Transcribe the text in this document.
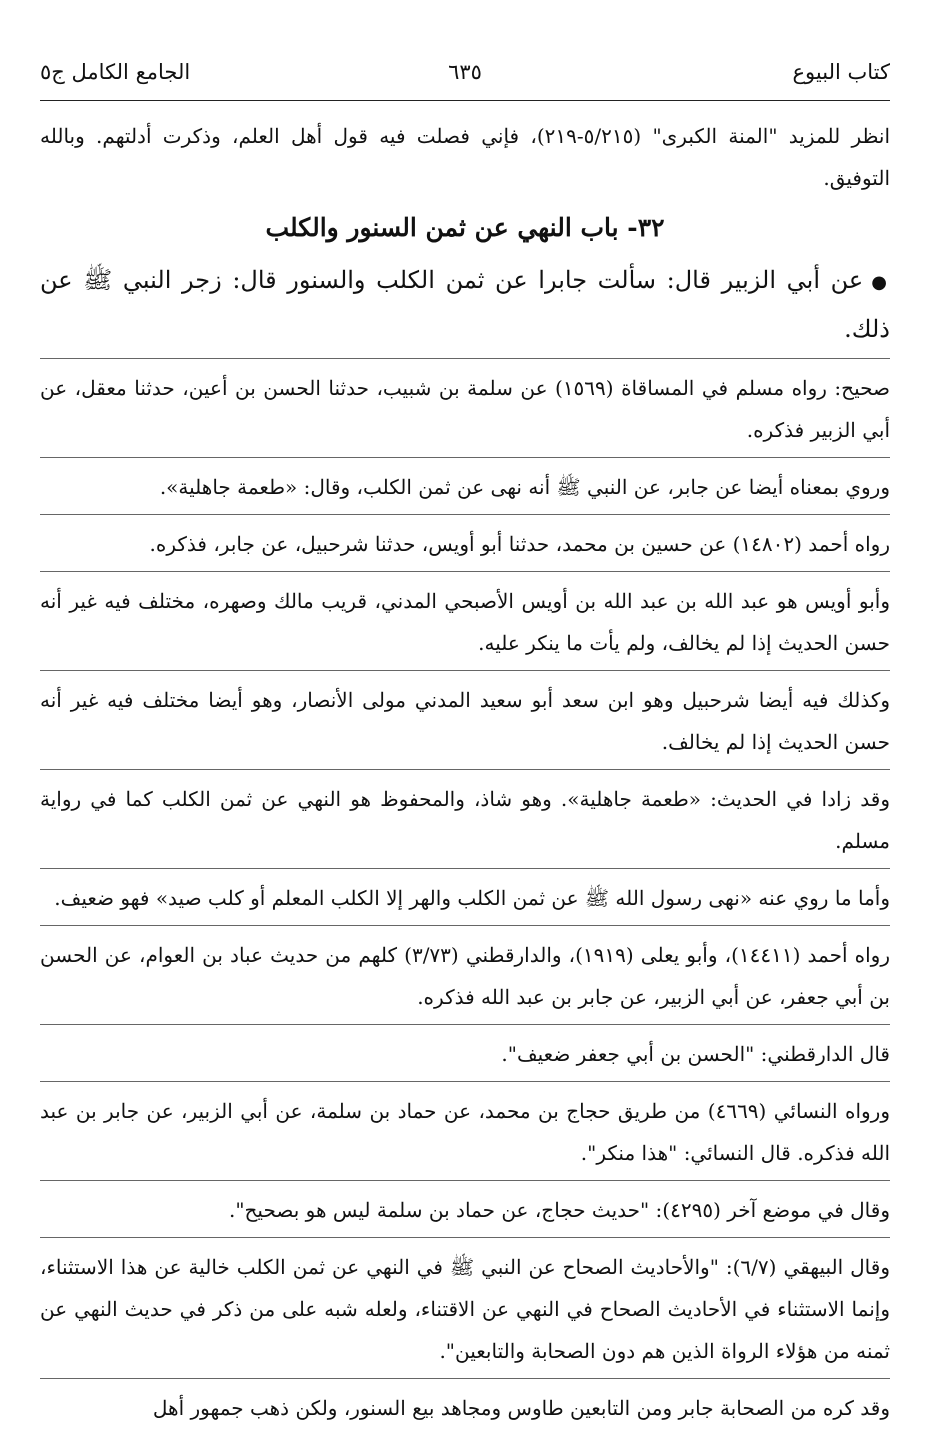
كتاب البيوع
٦٣٥
الجامع الكامل ج٥

انظر للمزيد "المنة الكبرى" (٥/٢١٥-٢١٩)، فإني فصلت فيه قول أهل العلم، وذكرت أدلتهم. وبالله التوفيق.

٣٢- باب النهي عن ثمن السنور والكلب

●عن أبي الزبير قال: سألت جابرا عن ثمن الكلب والسنور قال: زجر النبي ﷺ عن ذلك.

صحيح: رواه مسلم في المساقاة (١٥٦٩) عن سلمة بن شبيب، حدثنا الحسن بن أعين، حدثنا معقل، عن أبي الزبير فذكره.

وروي بمعناه أيضا عن جابر، عن النبي ﷺ أنه نهى عن ثمن الكلب، وقال: «طعمة جاهلية».

رواه أحمد (١٤٨٠٢) عن حسين بن محمد، حدثنا أبو أويس، حدثنا شرحبيل، عن جابر، فذكره.

وأبو أويس هو عبد الله بن عبد الله بن أويس الأصبحي المدني، قريب مالك وصهره، مختلف فيه غير أنه حسن الحديث إذا لم يخالف، ولم يأت ما ينكر عليه.

وكذلك فيه أيضا شرحبيل وهو ابن سعد أبو سعيد المدني مولى الأنصار، وهو أيضا مختلف فيه غير أنه حسن الحديث إذا لم يخالف.

وقد زادا في الحديث: «طعمة جاهلية». وهو شاذ، والمحفوظ هو النهي عن ثمن الكلب كما في رواية مسلم.

وأما ما روي عنه «نهى رسول الله ﷺ عن ثمن الكلب والهر إلا الكلب المعلم أو كلب صيد» فهو ضعيف.

رواه أحمد (١٤٤١١)، وأبو يعلى (١٩١٩)، والدارقطني (٣/٧٣) كلهم من حديث عباد بن العوام، عن الحسن بن أبي جعفر، عن أبي الزبير، عن جابر بن عبد الله فذكره.

قال الدارقطني: "الحسن بن أبي جعفر ضعيف".

ورواه النسائي (٤٦٦٩) من طريق حجاج بن محمد، عن حماد بن سلمة، عن أبي الزبير، عن جابر بن عبد الله فذكره. قال النسائي: "هذا منكر".

وقال في موضع آخر (٤٢٩٥): "حديث حجاج، عن حماد بن سلمة ليس هو بصحيح".

وقال البيهقي (٦/٧): "والأحاديث الصحاح عن النبي ﷺ في النهي عن ثمن الكلب خالية عن هذا الاستثناء، وإنما الاستثناء في الأحاديث الصحاح في النهي عن الاقتناء، ولعله شبه على من ذكر في حديث النهي عن ثمنه من هؤلاء الرواة الذين هم دون الصحابة والتابعين".

وقد كره من الصحابة جابر ومن التابعين طاوس ومجاهد بيع السنور، ولكن ذهب جمهور أهل
